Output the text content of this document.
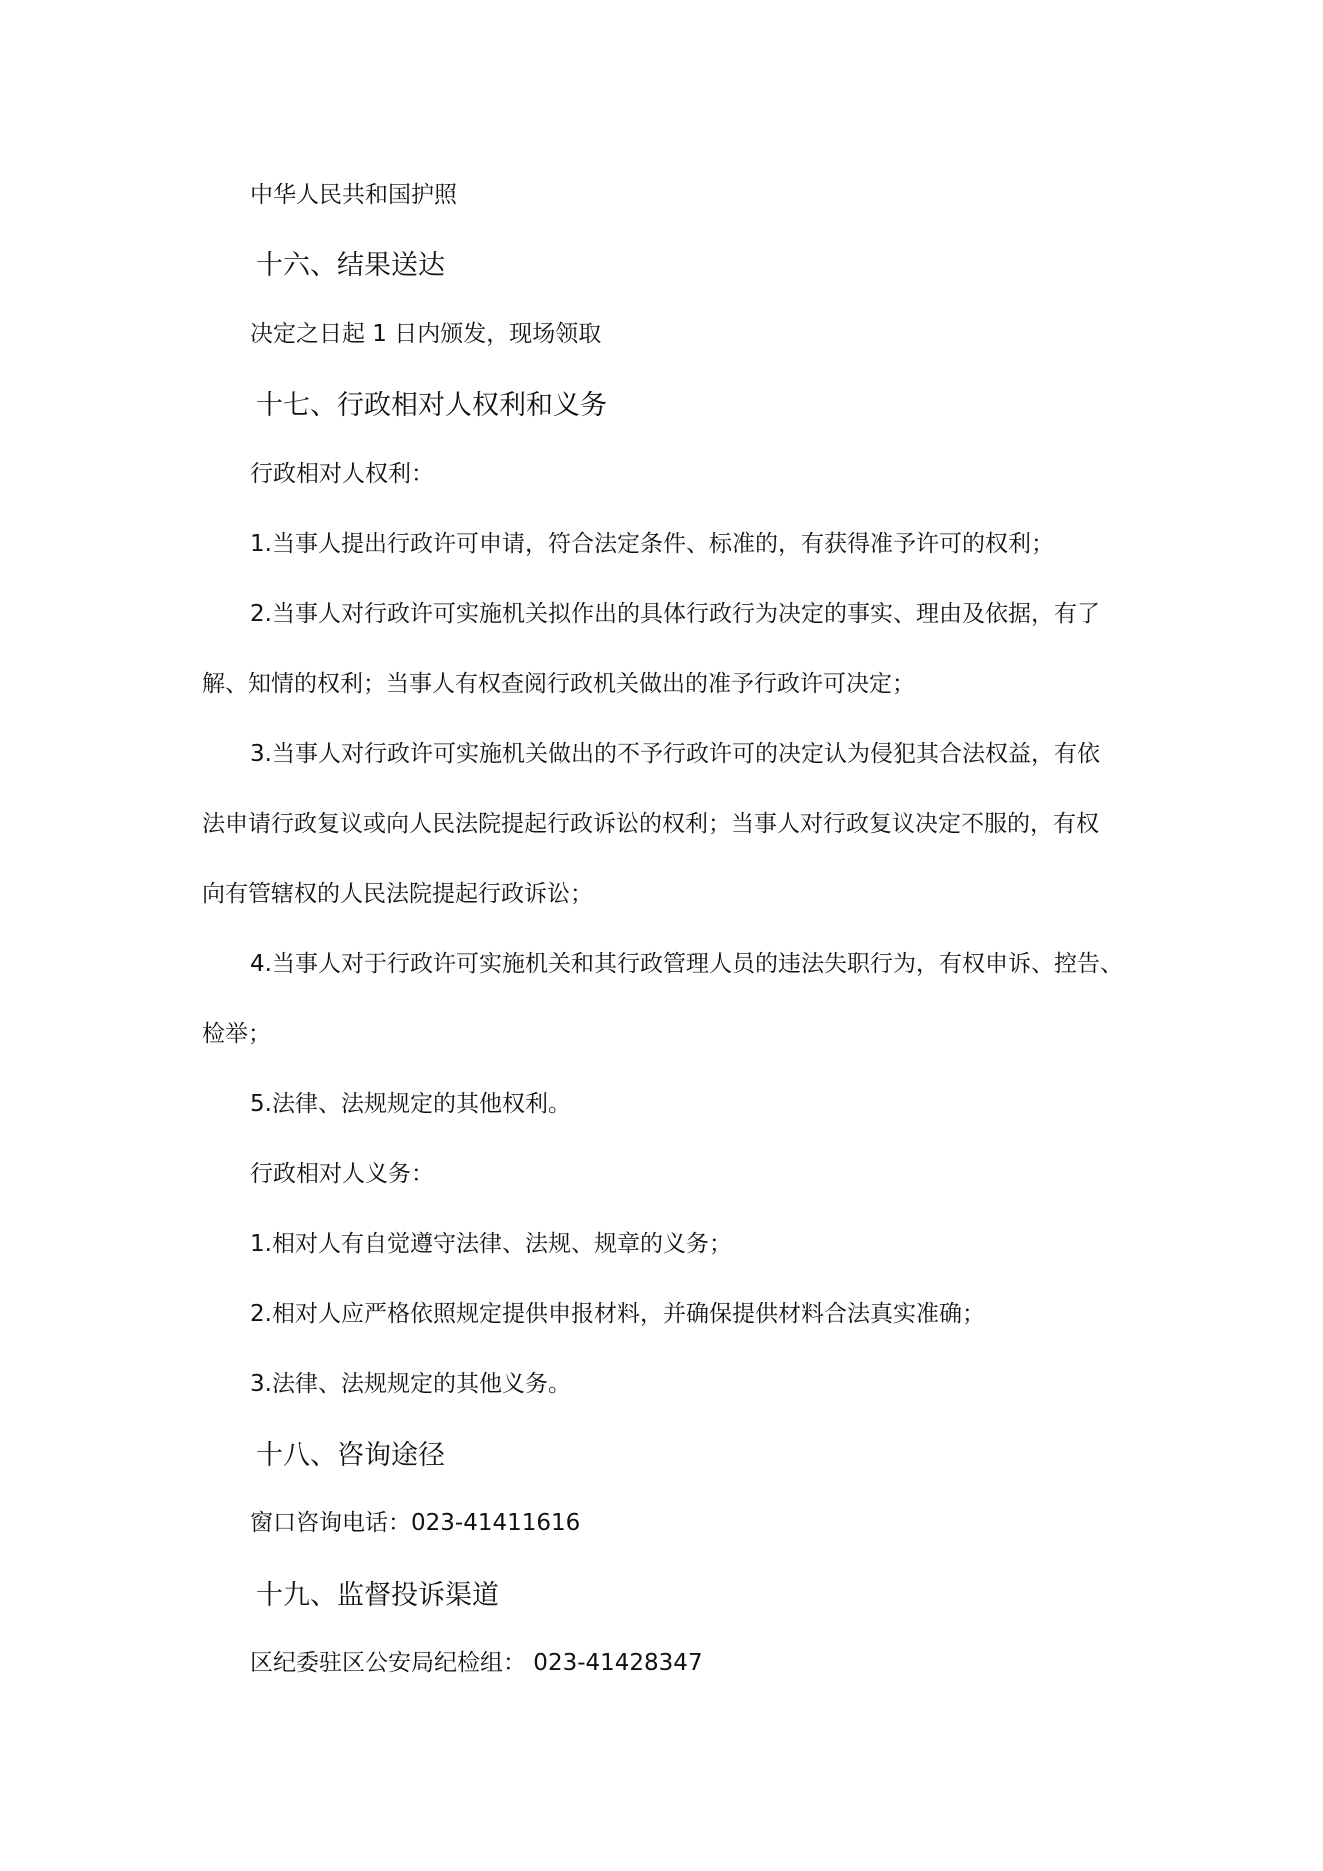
中华人民共和国护照
十六、结果送达
决定之日起 1 日内颁发，现场领取
十七、行政相对人权利和义务
行政相对人权利：
1.当事人提出行政许可申请，符合法定条件、标准的，有获得准予许可的权利；
2.当事人对行政许可实施机关拟作出的具体行政行为决定的事实、理由及依据，有了
解、知情的权利；当事人有权查阅行政机关做出的准予行政许可决定；
3.当事人对行政许可实施机关做出的不予行政许可的决定认为侵犯其合法权益，有依
法申请行政复议或向人民法院提起行政诉讼的权利；当事人对行政复议决定不服的，有权
向有管辖权的人民法院提起行政诉讼；
4.当事人对于行政许可实施机关和其行政管理人员的违法失职行为，有权申诉、控告、
检举；
5.法律、法规规定的其他权利。
行政相对人义务：
1.相对人有自觉遵守法律、法规、规章的义务；
2.相对人应严格依照规定提供申报材料，并确保提供材料合法真实准确；
3.法律、法规规定的其他义务。
十八、咨询途径
窗口咨询电话：023-41411616
十九、监督投诉渠道
区纪委驻区公安局纪检组： 023-41428347
